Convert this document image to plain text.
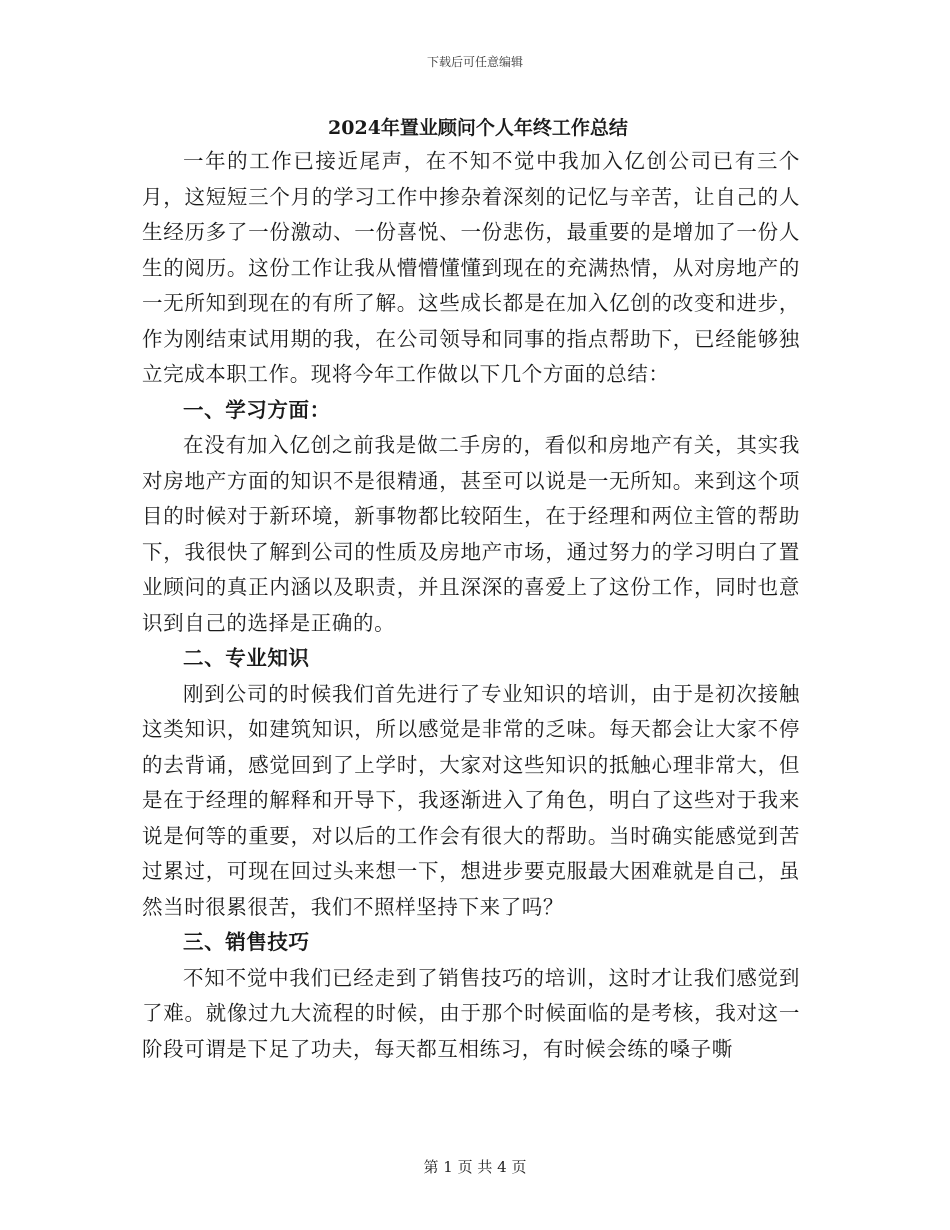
下载后可任意编辑
2024年置业顾问个人年终工作总结

一年的工作已接近尾声，在不知不觉中我加入亿创公司已有三个月，这短短三个月的学习工作中掺杂着深刻的记忆与辛苦，让自己的人生经历多了一份激动、一份喜悦、一份悲伤，最重要的是增加了一份人生的阅历。这份工作让我从懵懵懂懂到现在的充满热情，从对房地产的一无所知到现在的有所了解。这些成长都是在加入亿创的改变和进步，作为刚结束试用期的我，在公司领导和同事的指点帮助下，已经能够独立完成本职工作。现将今年工作做以下几个方面的总结：

一、学习方面：

在没有加入亿创之前我是做二手房的，看似和房地产有关，其实我对房地产方面的知识不是很精通，甚至可以说是一无所知。来到这个项目的时候对于新环境，新事物都比较陌生，在于经理和两位主管的帮助下，我很快了解到公司的性质及房地产市场，通过努力的学习明白了置业顾问的真正内涵以及职责，并且深深的喜爱上了这份工作，同时也意识到自己的选择是正确的。

二、专业知识

刚到公司的时候我们首先进行了专业知识的培训，由于是初次接触这类知识，如建筑知识，所以感觉是非常的乏味。每天都会让大家不停的去背诵，感觉回到了上学时，大家对这些知识的抵触心理非常大，但是在于经理的解释和开导下，我逐渐进入了角色，明白了这些对于我来说是何等的重要，对以后的工作会有很大的帮助。当时确实能感觉到苦过累过，可现在回过头来想一下，想进步要克服最大困难就是自己，虽然当时很累很苦，我们不照样坚持下来了吗？

三、销售技巧

不知不觉中我们已经走到了销售技巧的培训，这时才让我们感觉到了难。就像过九大流程的时候，由于那个时候面临的是考核，我对这一阶段可谓是下足了功夫，每天都互相练习，有时候会练的嗓子嘶

第 1 页 共 4 页
